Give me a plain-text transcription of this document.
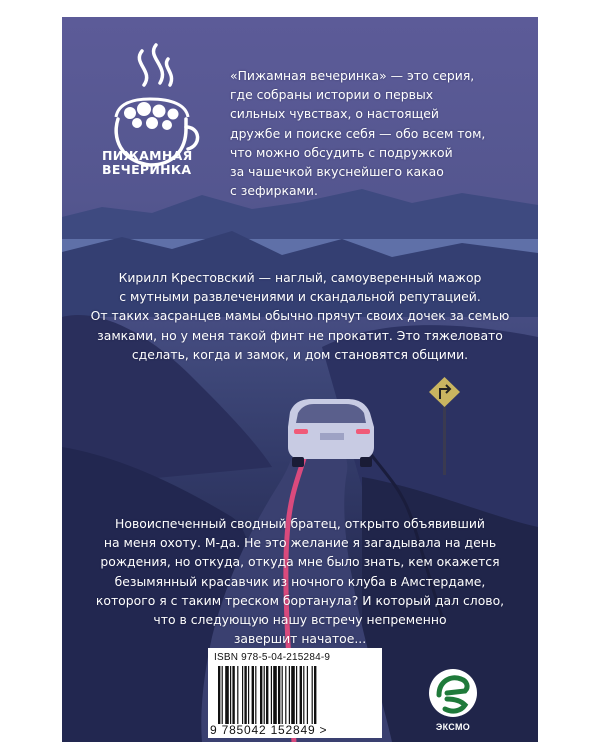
ПИЖАМНАЯ
ВЕЧЕРИНКА
«Пижамная вечеринка» — это серия,
где собраны истории о первых
сильных чувствах, о настоящей
дружбе и поиске себя — обо всем том,
что можно обсудить с подружкой
за чашечкой вкуснейшего какао
с зефирками.
Кирилл Крестовский — наглый, самоуверенный мажор
с мутными развлечениями и скандальной репутацией.
От таких засранцев мамы обычно прячут своих дочек за семью
замками, но у меня такой финт не прокатит. Это тяжеловато
сделать, когда и замок, и дом становятся общими.
Новоиспеченный сводный братец, открыто объявивший
на меня охоту. М-да. Не это желание я загадывала на день
рождения, но откуда, откуда мне было знать, кем окажется
безымянный красавчик из ночного клуба в Амстердаме,
которого я с таким треском бортанула? И который дал слово,
что в следующую нашу встречу непременно
завершит начатое...
ISBN 978-5-04-215284-9
9 785042 152849 >	ЭКСМО
